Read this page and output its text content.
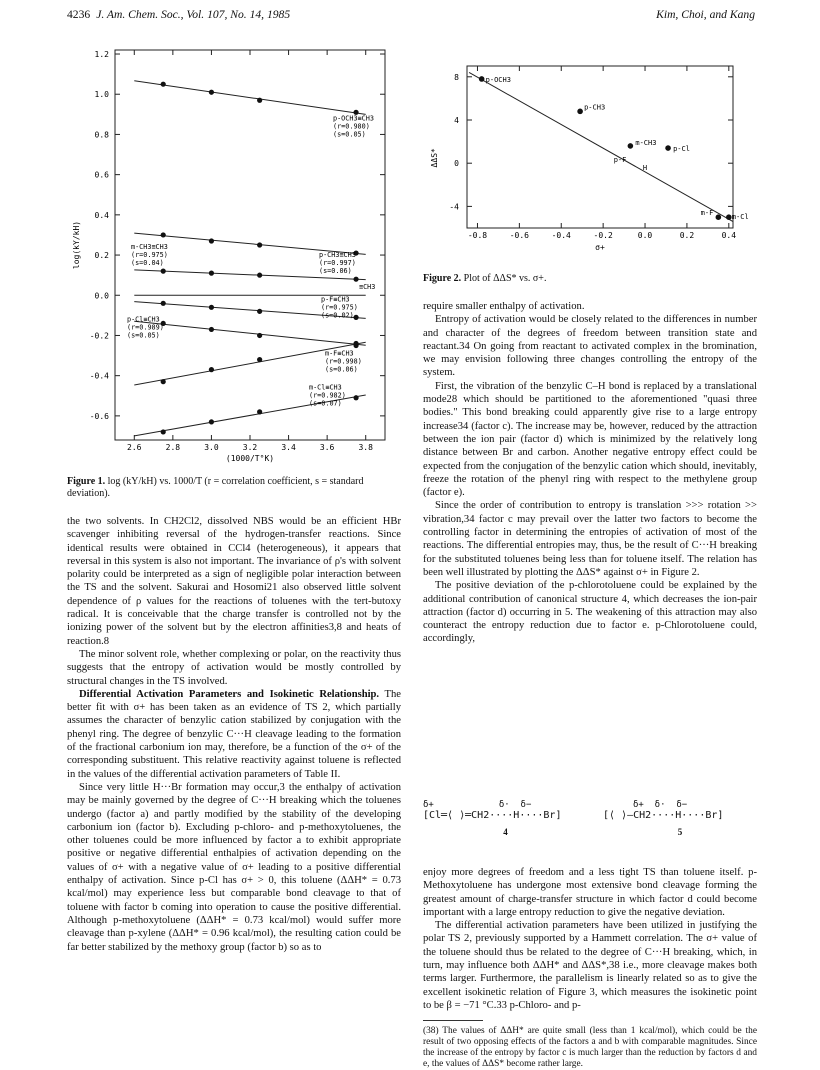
4236 J. Am. Chem. Soc., Vol. 107, No. 14, 1985	Kim, Choi, and Kang
1.2
1.0
0.8
0.6
0.4
0.2
0.0
-0.2
-0.4
-0.6
2.6	2.8	3.0	3.2	3.4	3.6	3.8
(1000/T°K)
log(kY/kH)
p-OCH3≡CH3
(r=0.980)
(s=0.05)
m-CH3≡CH3
(r=0.975)
(s=0.04)
p-CH3≡CH3
(r=0.997)
(s=0.06)
≡CH3
p-F≡CH3
(r=0.975)
(s=0.02)
p-Cl≡CH3
(r=0.989)
(s=0.05)
m-F≡CH3
(r=0.998)
(s=0.06)
m-Cl≡CH3
(r=0.982)
(s=0.07)
Figure 1. log (kY/kH) vs. 1000/T (r = correlation coefficient, s = standard deviation).
8
4
0
-4
-0.8	-0.6	-0.4	-0.2	0.0	0.2	0.4
σ+
ΔΔS*
p-OCH3
p-CH3
m-CH3
p-Cl
p-F
H
m-F	m-Cl
Figure 2. Plot of ΔΔS* vs. σ+.

the two solvents. In CH2Cl2, dissolved NBS would be an efficient HBr scavenger inhibiting reversal of the hydrogen-transfer reactions. Since identical results were obtained in CCl4 (heterogeneous), it appears that reversal in this system is also not important. The invariance of ρ's with solvent polarity could be interpreted as a sign of negligible polar interaction between the TS and the solvent. Sakurai and Hosomi21 also observed little solvent dependence of ρ values for the reactions of toluenes with the tert-butoxy radical. It is conceivable that the charge transfer is controlled not by the ionizing power of the solvent but by the electron affinities3,8 and heats of reaction.8

The minor solvent role, whether complexing or polar, on the reactivity thus suggests that the entropy of activation would be mostly controlled by structural changes in the TS involved.

Differential Activation Parameters and Isokinetic Relationship. The better fit with σ+ has been taken as an evidence of TS 2, which partially assumes the character of benzylic cation stabilized by conjugation with the phenyl ring. The degree of benzylic C···H cleavage leading to the formation of the fractional carbonium ion may, therefore, be a function of the σ+ of the corresponding substituent. This relative reactivity against toluene is reflected in the values of the differential activation parameters of Table II.

Since very little H···Br formation may occur,3 the enthalpy of activation may be mainly governed by the degree of C···H breaking which the toluenes undergo (factor a) and partly modified by the stability of the developing carbonium ion (factor b). Excluding p-chloro- and p-methoxytoluenes, the other toluenes could be more influenced by factor a to exhibit appropriate positive or negative differential enthalpies of activation depending on the values of σ+ with a negative value of σ+ leading to a positive differential enthalpy of activation. Since p-Cl has σ+ > 0, this toluene (ΔΔH* = 0.73 kcal/mol) may experience less but comparable bond cleavage to that of toluene with factor b coming into operation to cause the positive differential. Although p-methoxytoluene (ΔΔH* = 0.73 kcal/mol) would suffer more cleavage than p-xylene (ΔΔH* = 0.96 kcal/mol), the resulting cation could be far better stabilized by the methoxy group (factor b) so as to

require smaller enthalpy of activation.

Entropy of activation would be closely related to the differences in number and character of the degrees of freedom between transition state and reactant.34 On going from reactant to activated complex in the bromination, we may envision following three changes controlling the entropy of the system.

First, the vibration of the benzylic C–H bond is replaced by a translational mode28 which should be partitioned to the aforementioned "quasi three bodies." This bond breaking could apparently give rise to a large entropy increase34 (factor c). The increase may be, however, reduced by the attraction between the ion pair (factor d) which is minimized by the relatively long distance between Br and carbon. Another negative entropy effect could be expected from the conjugation of the benzylic cation which should, inevitably, freeze the rotation of the phenyl ring with respect to the methylene group (factor e).

Since the order of contribution to entropy is translation >>> rotation >> vibration,34 factor c may prevail over the latter two factors to become the controlling factor in determining the entropies of activation of most of the reactions. The differential entropies may, thus, be the result of C···H breaking for the substituted toluenes being less than for toluene itself. The relation has been well illustrated by plotting the ΔΔS* against σ+ in Figure 2.

The positive deviation of the p-chlorotoluene could be explained by the additional contribution of canonical structure 4, which decreases the ion-pair attraction (factor d) occurring in 5. The weakening of this attraction may also counteract the entropy reduction due to factor e. p-Chlorotoluene could, accordingly,

δ+            δ·  δ−
[Cl═⟨ ⟩═CH2····H····Br]
4
δ+  δ·  δ−
[⟨ ⟩–CH2····H····Br]
5

enjoy more degrees of freedom and a less tight TS than toluene itself. p-Methoxytoluene has undergone most extensive bond cleavage forming the greatest amount of charge-transfer structure in which factor d could become important with a large entropy reduction to give the negative deviation.

The differential activation parameters have been utilized in justifying the polar TS 2, previously supported by a Hammett correlation. The σ+ value of the toluene should thus be related to the degree of C···H breaking, which, in turn, may influence both ΔΔH* and ΔΔS*,38 i.e., more cleavage makes both terms larger. Furthermore, the parallelism is linearly related so as to give the excellent isokinetic relation of Figure 3, which measures the isokinetic point to be β = −71 °C.33 p-Chloro- and p-

(38) The values of ΔΔH* are quite small (less than 1 kcal/mol), which could be the result of two opposing effects of the factors a and b with comparable magnitudes. Since the increase of the entropy by factor c is much larger than the reduction by factors d and e, the values of ΔΔS* become rather large.
